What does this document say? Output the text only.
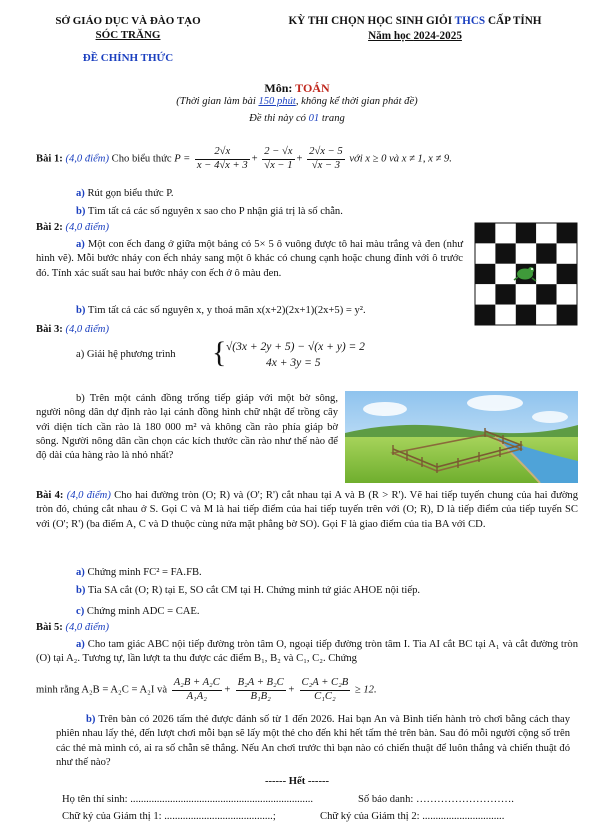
SỞ GIÁO DỤC VÀ ĐÀO TẠO
SÓC TRĂNG
ĐỀ CHÍNH THỨC
KỲ THI CHỌN HỌC SINH GIỎI THCS CẤP TỈNH
Năm học 2024-2025
Môn: TOÁN
(Thời gian làm bài 150 phút, không kể thời gian phát đề)
Đề thi này có 01 trang
Bài 1: (4,0 điểm) Cho biểu thức $P = \frac{2√x}{x - 4√x + 3} + \frac{2 - √x}{√x - 1} + \frac{2√x - 5}{√x - 3}$ với x ≥ 0 và x ≠ 1, x ≠ 9.
a) Rút gọn biểu thức P.
b) Tìm tất cả các số nguyên x sao cho P nhận giá trị là số chẵn.
Bài 2: (4,0 điểm)
a) Một con ếch đang ở giữa một bảng có 5× 5 ô vuông được tô hai màu trắng và đen (như hình vẽ). Mỗi bước nhảy con ếch nhảy sang một ô khác có chung cạnh hoặc chung đỉnh với ô trước đó. Tính xác suất sau hai bước nhảy con ếch ở ô màu đen.
b) Tìm tất cả các số nguyên x, y thoả mãn x(x+2)(2x+1)(2x+5) = y².
Bài 3: (4,0 điểm)
a) Giải hệ phương trình { √(3x + 2y + 5) − √(x + y) = 2
4x + 3y = 5
b) Trên một cánh đồng trống tiếp giáp với một bờ sông, người nông dân dự định rào lại cánh đồng hình chữ nhật để trồng cây với diện tích cần rào là 180 000 m² và không cần rào phía giáp bờ sông. Người nông dân cần chọn các kích thước cần rào như thế nào để độ dài của hàng rào là nhỏ nhất?
Bài 4: (4,0 điểm) Cho hai đường tròn (O; R) và (O'; R') cắt nhau tại A và B (R > R'). Vẽ hai tiếp tuyến chung của hai đường tròn đó, chúng cắt nhau ở S. Gọi C và M là hai tiếp điểm của hai tiếp tuyến trên với (O; R), D là tiếp điểm của tiếp tuyến SC với (O'; R') (ba điểm A, C và D thuộc cùng nửa mặt phẳng bờ SO). Gọi F là giao điểm của tia BA với CD.
a) Chứng minh FC² = FA.FB.
b) Tia SA cắt (O; R) tại E, SO cắt CM tại H. Chứng minh tứ giác AHOE nội tiếp.
c) Chứng minh ADC = CAE.
Bài 5: (4,0 điểm)
a) Cho tam giác ABC nội tiếp đường tròn tâm O, ngoại tiếp đường tròn tâm I. Tia AI cắt BC tại A₁ và cắt đường tròn (O) tại A₂. Tương tự, lần lượt ta thu được các điểm B₁, B₂ và C₁, C₂. Chứng
minh rằng A₂B = A₂C = A₂I và $\frac{\text{A₂B + A₂C}}{\text{A₁A₂}} + \frac{\text{B₂A + B₂C}}{\text{B₁B₂}} + \frac{\text{C₂A + C₂B}}{\text{C₁C₂}} \ge 12$.
b) Trên bàn có 2026 tấm thẻ được đánh số từ 1 đến 2026. Hai bạn An và Bình tiến hành trò chơi bằng cách thay phiên nhau lấy thẻ, đến lượt chơi mỗi bạn sẽ lấy một thẻ cho đến khi hết tấm thẻ trên bàn. Sau đó mỗi người cộng số trên các thẻ mà mình có, ai ra số chẵn sẽ thắng. Nếu An chơi trước thì bạn nào có chiến thuật để luôn thắng và chiến thuật đó như thế nào?
------ Hết ------
Họ tên thí sinh: .....................................................................	Số báo danh: ……………………….
Chữ ký của Giám thị 1: .........................................;	Chữ ký của Giám thị 2: ...............................
